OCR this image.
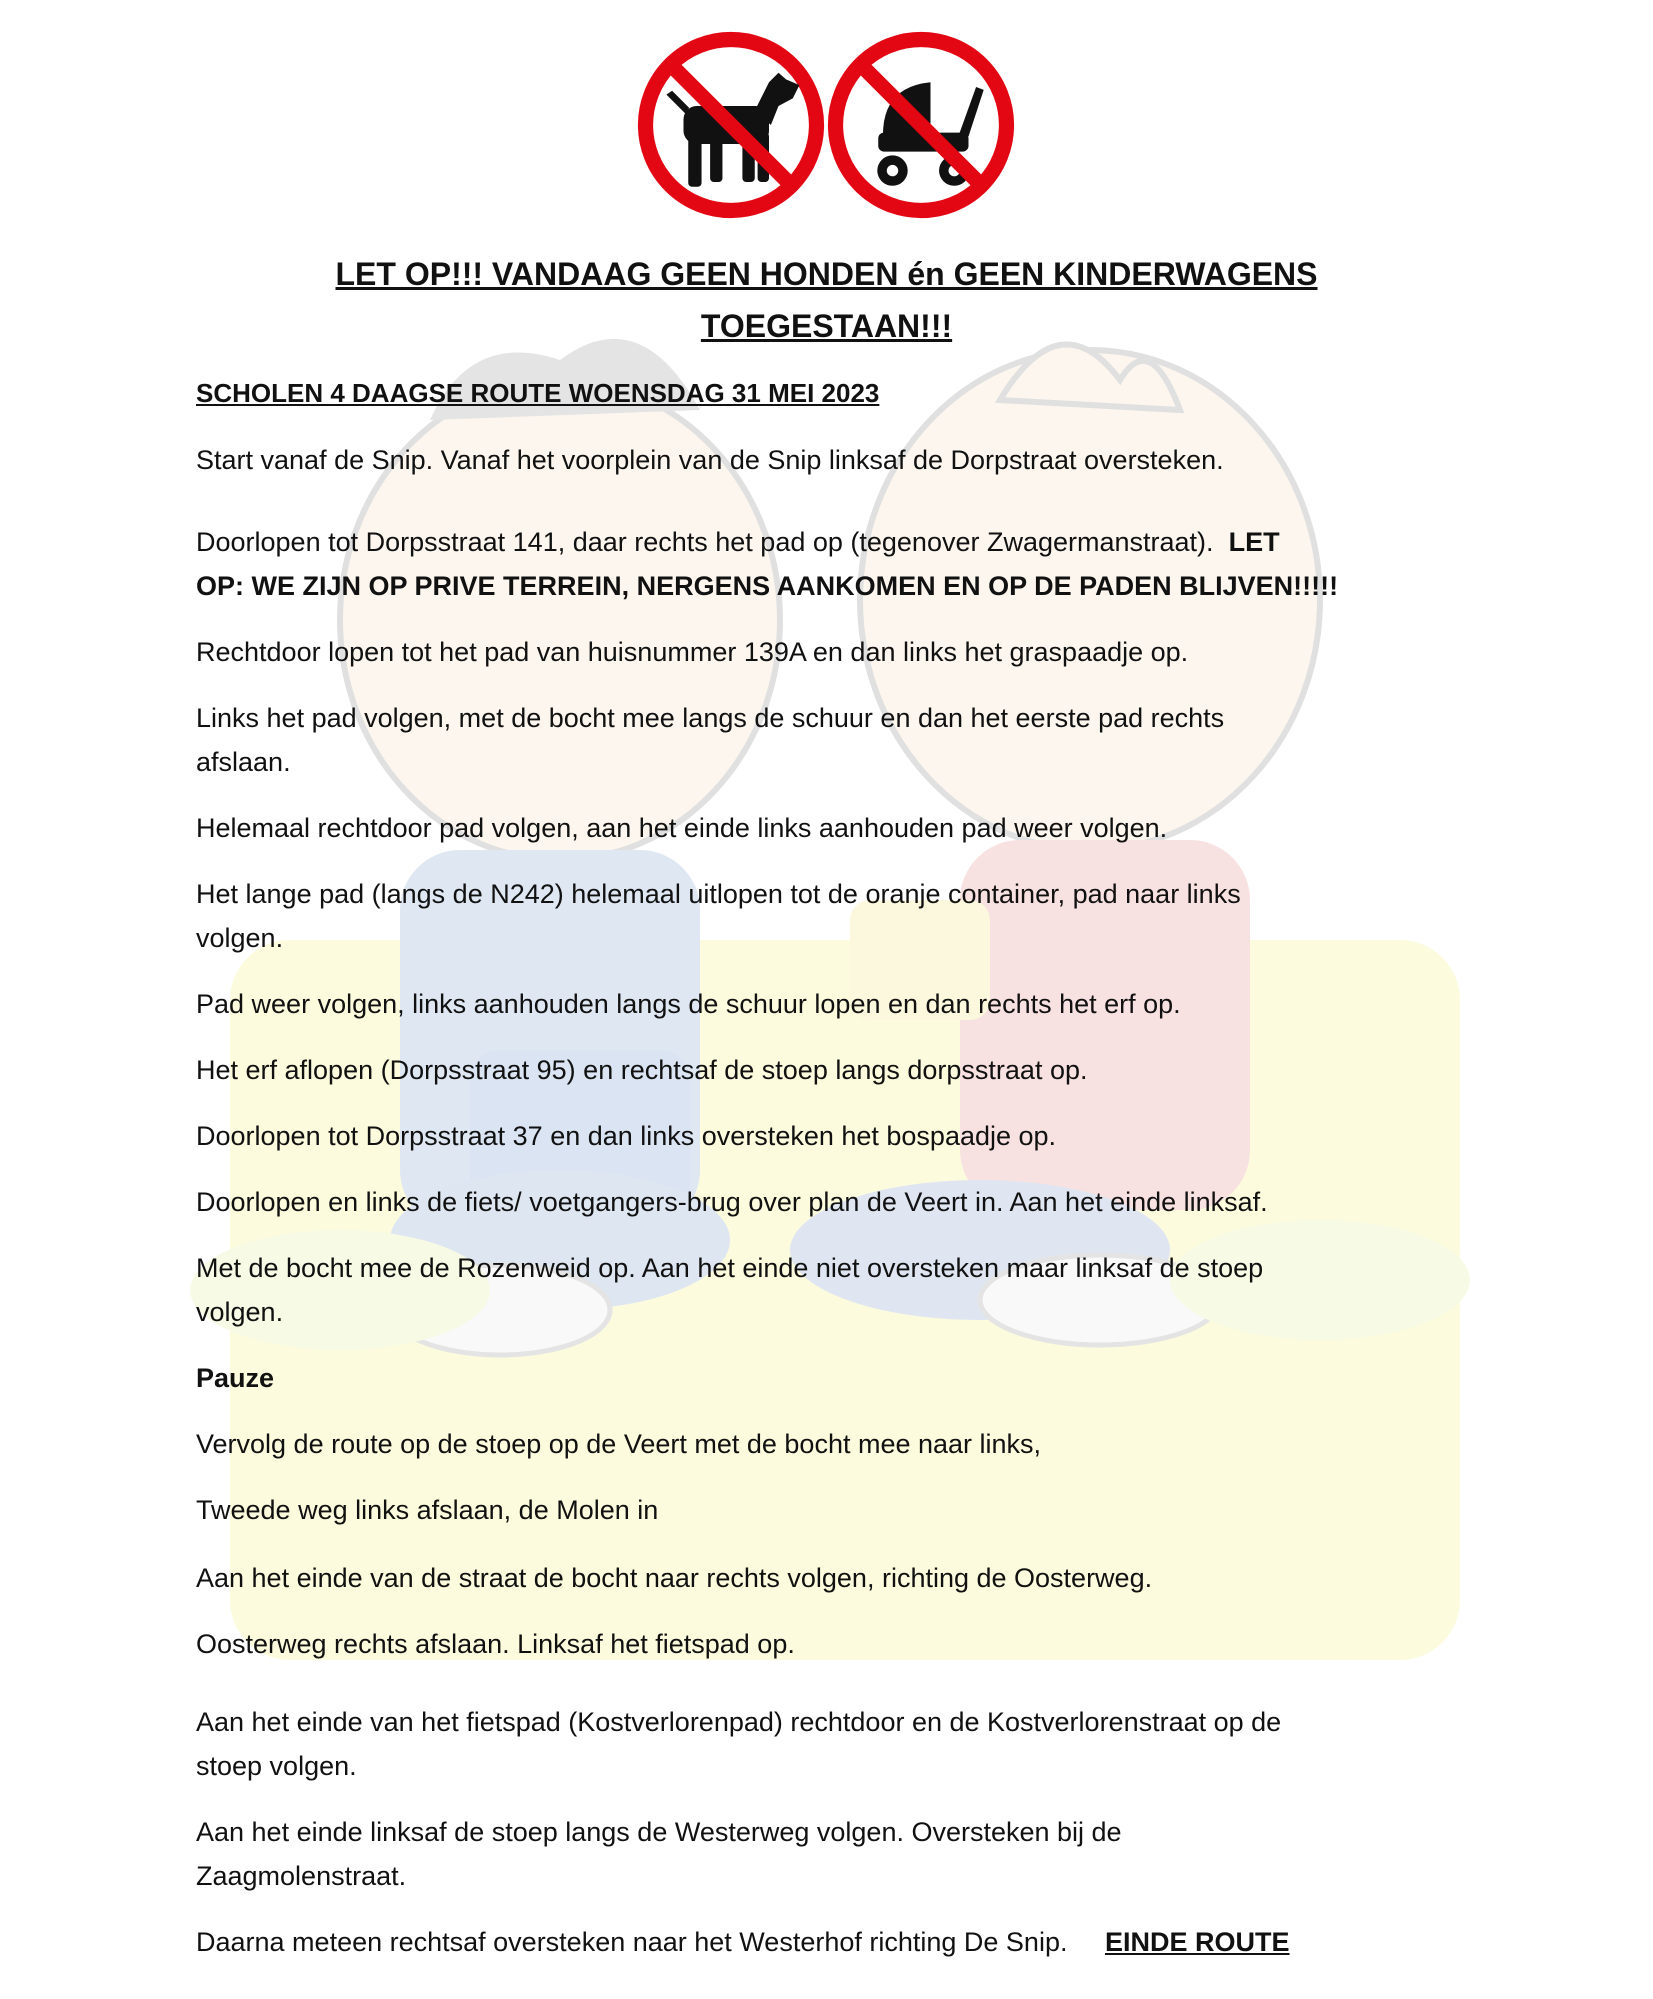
LET OP!!! VANDAAG GEEN HONDEN én GEEN KINDERWAGENS
TOEGESTAAN!!!
SCHOLEN 4 DAAGSE ROUTE WOENSDAG 31 MEI 2023
Start vanaf de Snip. Vanaf het voorplein van de Snip linksaf de Dorpstraat oversteken.
Doorlopen tot Dorpsstraat 141, daar rechts het pad op (tegenover Zwagermanstraat). LET
OP: WE ZIJN OP PRIVE TERREIN, NERGENS AANKOMEN EN OP DE PADEN BLIJVEN!!!!!
Rechtdoor lopen tot het pad van huisnummer 139A en dan links het graspaadje op.
Links het pad volgen, met de bocht mee langs de schuur en dan het eerste pad rechts
afslaan.
Helemaal rechtdoor pad volgen, aan het einde links aanhouden pad weer volgen.
Het lange pad (langs de N242) helemaal uitlopen tot de oranje container, pad naar links
volgen.
Pad weer volgen, links aanhouden langs de schuur lopen en dan rechts het erf op.
Het erf aflopen (Dorpsstraat 95) en rechtsaf de stoep langs dorpsstraat op.
Doorlopen tot Dorpsstraat 37 en dan links oversteken het bospaadje op.
Doorlopen en links de fiets/ voetgangers-brug over plan de Veert in. Aan het einde linksaf.
Met de bocht mee de Rozenweid op. Aan het einde niet oversteken maar linksaf de stoep
volgen.
Pauze
Vervolg de route op de stoep op de Veert met de bocht mee naar links,
Tweede weg links afslaan, de Molen in
Aan het einde van de straat de bocht naar rechts volgen, richting de Oosterweg.
Oosterweg rechts afslaan. Linksaf het fietspad op.
Aan het einde van het fietspad (Kostverlorenpad) rechtdoor en de Kostverlorenstraat op de
stoep volgen.
Aan het einde linksaf de stoep langs de Westerweg volgen. Oversteken bij de
Zaagmolenstraat.
Daarna meteen rechtsaf oversteken naar het Westerhof richting De Snip. EINDE ROUTE
